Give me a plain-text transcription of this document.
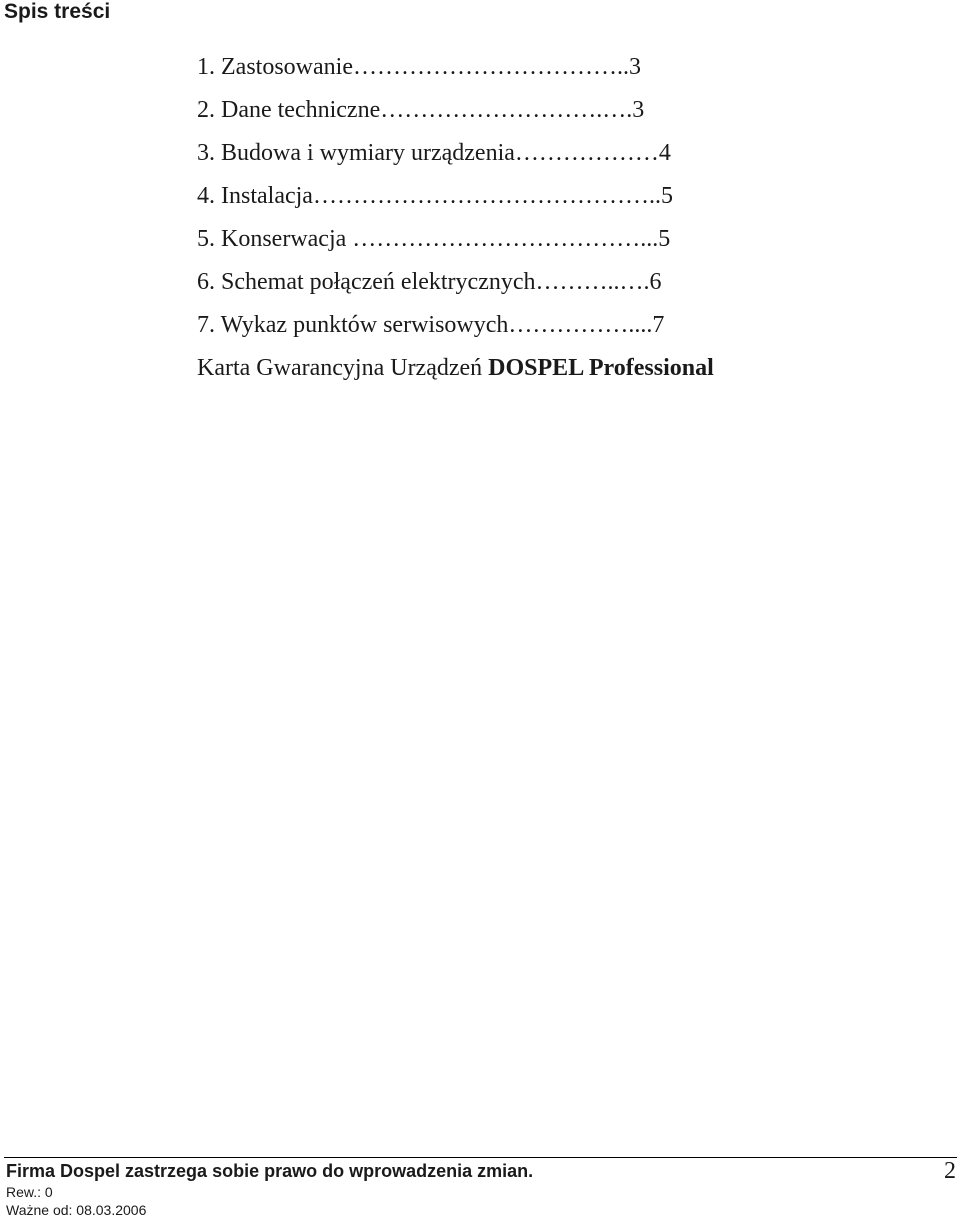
Spis treści
1. Zastosowanie……………………………..3
2. Dane techniczne……………………….….3
3. Budowa i wymiary urządzenia………………4
4. Instalacja……………………………………..5
5. Konserwacja ………………………………...5
6. Schemat połączeń elektrycznych………..….6
7. Wykaz punktów serwisowych……………....7
Karta Gwarancyjna Urządzeń DOSPEL Professional
Firma Dospel zastrzega sobie prawo do wprowadzenia zmian.	2
Rew.: 0
Ważne od: 08.03.2006
